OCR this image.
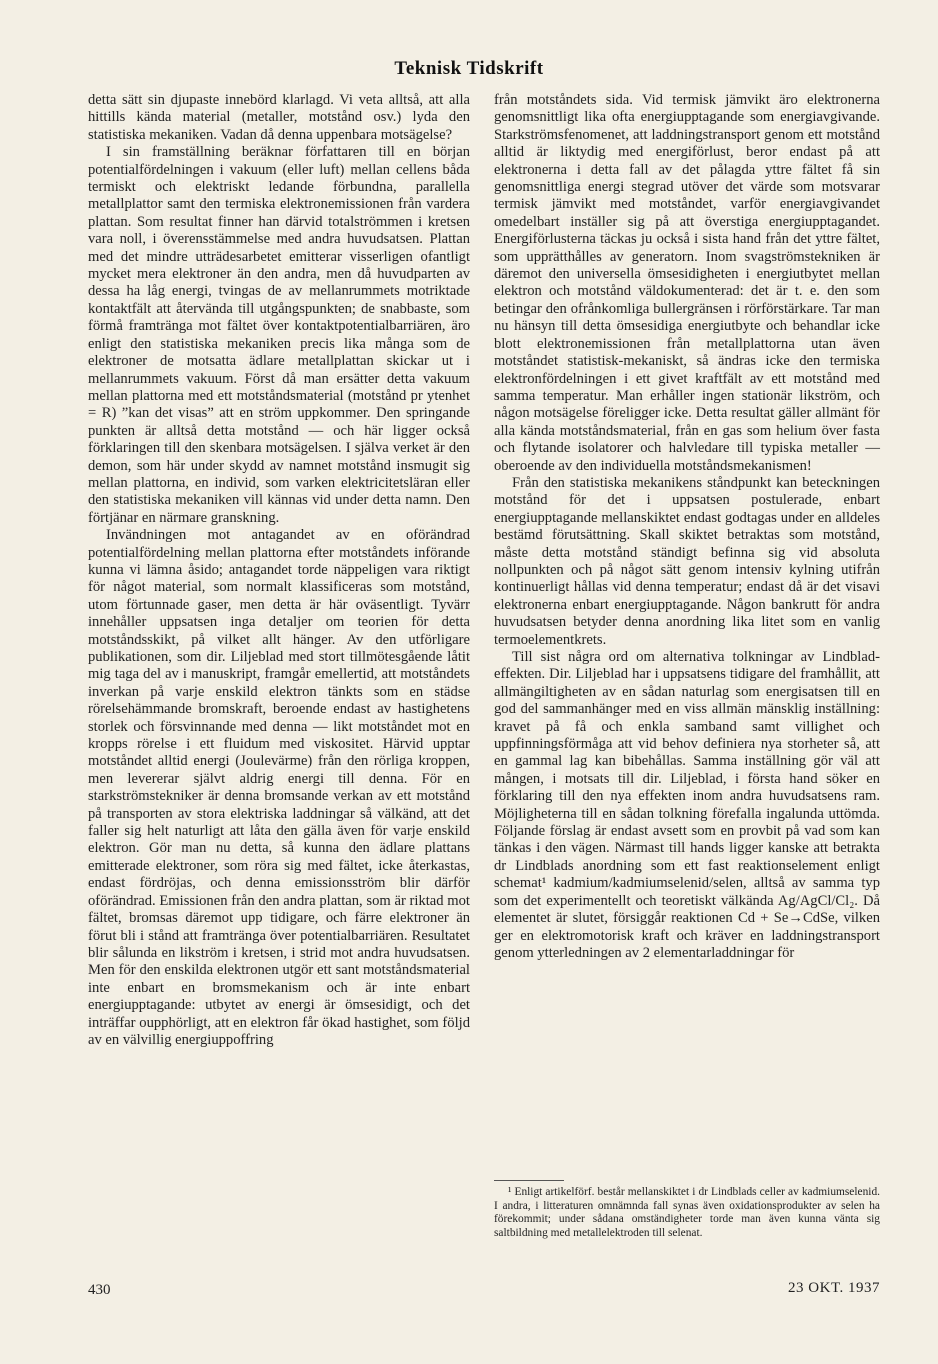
Teknisk Tidskrift

detta sätt sin djupaste innebörd klarlagd. Vi veta alltså, att alla hittills kända material (metaller, motstånd osv.) lyda den statistiska mekaniken. Vadan då denna uppenbara motsägelse?

I sin framställning beräknar författaren till en början potentialfördelningen i vakuum (eller luft) mellan cellens båda termiskt och elektriskt ledande förbundna, parallella metallplattor samt den termiska elektronemissionen från vardera plattan. Som resultat finner han därvid totalströmmen i kretsen vara noll, i överensstämmelse med andra huvudsatsen. Plattan med det mindre utträdesarbetet emitterar visserligen ofantligt mycket mera elektroner än den andra, men då huvudparten av dessa ha låg energi, tvingas de av mellanrummets motriktade kontaktfält att återvända till utgångspunkten; de snabbaste, som förmå framtränga mot fältet över kontaktpotentialbarriären, äro enligt den statistiska mekaniken precis lika många som de elektroner de motsatta ädlare metallplattan skickar ut i mellanrummets vakuum. Först då man ersätter detta vakuum mellan plattorna med ett motståndsmaterial (motstånd pr ytenhet = R) ”kan det visas” att en ström uppkommer. Den springande punkten är alltså detta motstånd — och här ligger också förklaringen till den skenbara motsägelsen. I själva verket är den demon, som här under skydd av namnet motstånd insmugit sig mellan plattorna, en individ, som varken elektricitetsläran eller den statistiska mekaniken vill kännas vid under detta namn. Den förtjänar en närmare granskning.

Invändningen mot antagandet av en oförändrad potentialfördelning mellan plattorna efter motståndets införande kunna vi lämna åsido; antagandet torde näppeligen vara riktigt för något material, som normalt klassificeras som motstånd, utom förtunnade gaser, men detta är här oväsentligt. Tyvärr innehåller uppsatsen inga detaljer om teorien för detta motståndsskikt, på vilket allt hänger. Av den utförligare publikationen, som dir. Liljeblad med stort tillmötesgående låtit mig taga del av i manuskript, framgår emellertid, att motståndets inverkan på varje enskild elektron tänkts som en städse rörelsehämmande bromskraft, beroende endast av hastighetens storlek och försvinnande med denna — likt motståndet mot en kropps rörelse i ett fluidum med viskositet. Härvid upptar motståndet alltid energi (Joulevärme) från den rörliga kroppen, men levererar självt aldrig energi till denna. För en starkströmstekniker är denna bromsande verkan av ett motstånd på transporten av stora elektriska laddningar så välkänd, att det faller sig helt naturligt att låta den gälla även för varje enskild elektron. Gör man nu detta, så kunna den ädlare plattans emitterade elektroner, som röra sig med fältet, icke återkastas, endast fördröjas, och denna emissionsström blir därför oförändrad. Emissionen från den andra plattan, som är riktad mot fältet, bromsas däremot upp tidigare, och färre elektroner än förut bli i stånd att framtränga över potentialbarriären. Resultatet blir sålunda en likström i kretsen, i strid mot andra huvudsatsen. Men för den enskilda elektronen utgör ett sant motståndsmaterial inte enbart en bromsmekanism och är inte enbart energiupptagande: utbytet av energi är ömsesidigt, och det inträffar oupphörligt, att en elektron får ökad hastighet, som följd av en välvillig energiuppoffring

från motståndets sida. Vid termisk jämvikt äro elektronerna genomsnittligt lika ofta energiupptagande som energiavgivande. Starkströmsfenomenet, att laddningstransport genom ett motstånd alltid är liktydig med energiförlust, beror endast på att elektronerna i detta fall av det pålagda yttre fältet få sin genomsnittliga energi stegrad utöver det värde som motsvarar termisk jämvikt med motståndet, varför energiavgivandet omedelbart inställer sig på att överstiga energiupptagandet. Energiförlusterna täckas ju också i sista hand från det yttre fältet, som upprätthålles av generatorn. Inom svagströmstekniken är däremot den universella ömsesidigheten i energiutbytet mellan elektron och motstånd väldokumenterad: det är t. e. den som betingar den ofrånkomliga bullergränsen i rörförstärkare. Tar man nu hänsyn till detta ömsesidiga energiutbyte och behandlar icke blott elektronemissionen från metallplattorna utan även motståndet statistisk-mekaniskt, så ändras icke den termiska elektronfördelningen i ett givet kraftfält av ett motstånd med samma temperatur. Man erhåller ingen stationär likström, och någon motsägelse föreligger icke. Detta resultat gäller allmänt för alla kända motståndsmaterial, från en gas som helium över fasta och flytande isolatorer och halvledare till typiska metaller — oberoende av den individuella motståndsmekanismen!

Från den statistiska mekanikens ståndpunkt kan beteckningen motstånd för det i uppsatsen postulerade, enbart energiupptagande mellanskiktet endast godtagas under en alldeles bestämd förutsättning. Skall skiktet betraktas som motstånd, måste detta motstånd ständigt befinna sig vid absoluta nollpunkten och på något sätt genom intensiv kylning utifrån kontinuerligt hållas vid denna temperatur; endast då är det visavi elektronerna enbart energiupptagande. Någon bankrutt för andra huvudsatsen betyder denna anordning lika litet som en vanlig termoelementkrets.

Till sist några ord om alternativa tolkningar av Lindblad-effekten. Dir. Liljeblad har i uppsatsens tidigare del framhållit, att allmängiltigheten av en sådan naturlag som energisatsen till en god del sammanhänger med en viss allmän mänsklig inställning: kravet på få och enkla samband samt villighet och uppfinningsförmåga att vid behov definiera nya storheter så, att en gammal lag kan bibehållas. Samma inställning gör väl att mången, i motsats till dir. Liljeblad, i första hand söker en förklaring till den nya effekten inom andra huvudsatsens ram. Möjligheterna till en sådan tolkning förefalla ingalunda uttömda. Följande förslag är endast avsett som en provbit på vad som kan tänkas i den vägen. Närmast till hands ligger kanske att betrakta dr Lindblads anordning som ett fast reaktionselement enligt schemat¹ kadmium/kadmiumselenid/selen, alltså av samma typ som det experimentellt och teoretiskt välkända Ag/AgCl/Cl₂. Då elementet är slutet, försiggår reaktionen Cd + Se→CdSe, vilken ger en elektromotorisk kraft och kräver en laddningstransport genom ytterledningen av 2 elementarladdningar för

¹ Enligt artikelförf. består mellanskiktet i dr Lindblads celler av kadmiumselenid. I andra, i litteraturen omnämnda fall synas även oxidationsprodukter av selen ha förekommit; under sådana omständigheter torde man även kunna vänta sig saltbildning med metallelektroden till selenat.

430	23 OKT. 1937
